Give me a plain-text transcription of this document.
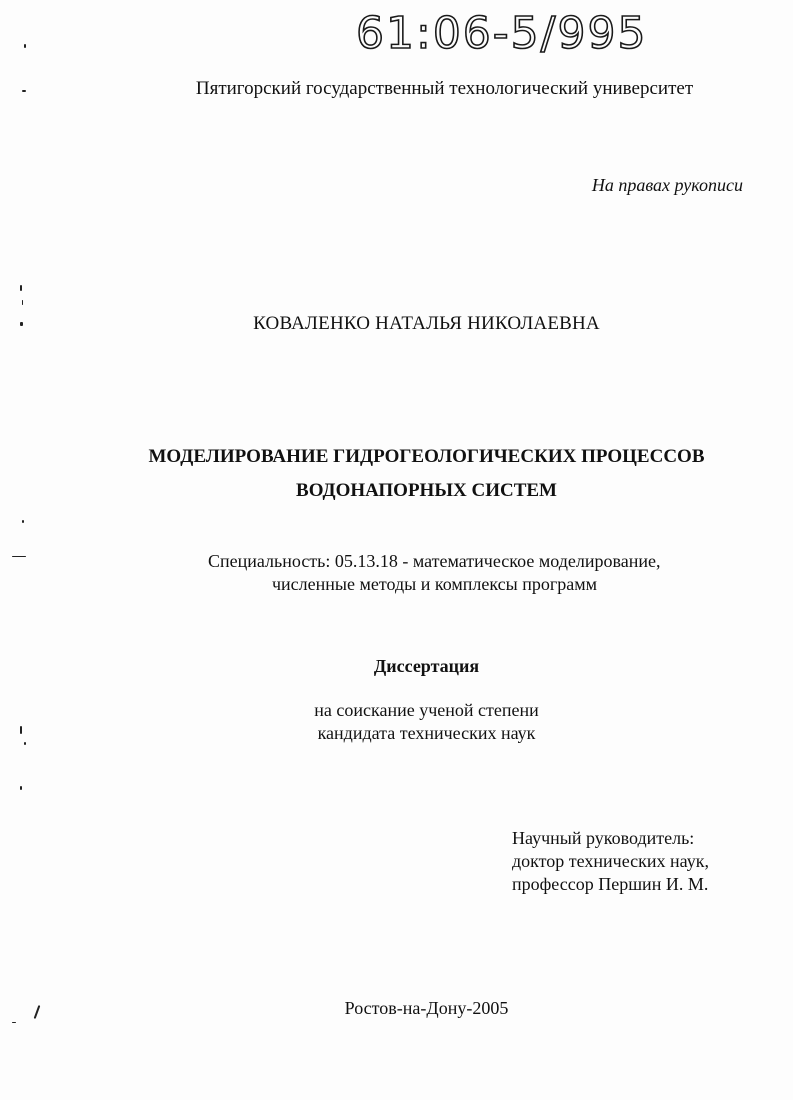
61:06-5/995
Пятигорский государственный технологический университет
На правах рукописи
КОВАЛЕНКО НАТАЛЬЯ НИКОЛАЕВНА
МОДЕЛИРОВАНИЕ ГИДРОГЕОЛОГИЧЕСКИХ ПРОЦЕССОВ
ВОДОНАПОРНЫХ СИСТЕМ
Специальность: 05.13.18 - математическое моделирование,
численные методы и комплексы программ
Диссертация
на соискание ученой степени
кандидата технических наук
Научный руководитель:
доктор технических наук,
профессор Першин И. М.
Ростов-на-Дону-2005
